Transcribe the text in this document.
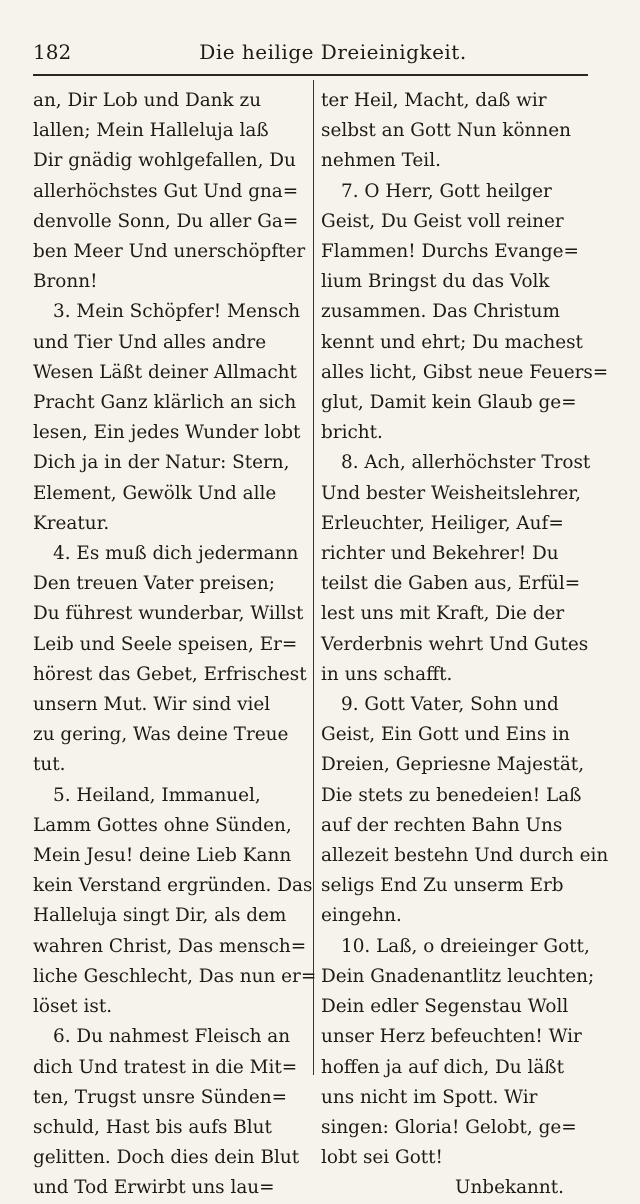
182	Die heilige Dreieinigkeit.
an, Dir Lob und Dank zu
lallen; Mein Halleluja laß
Dir gnädig wohlgefallen, Du
allerhöchstes Gut Und gna=
denvolle Sonn, Du aller Ga=
ben Meer Und unerschöpfter
Bronn!
3. Mein Schöpfer! Mensch
und Tier Und alles andre
Wesen Läßt deiner Allmacht
Pracht Ganz klärlich an sich
lesen, Ein jedes Wunder lobt
Dich ja in der Natur: Stern,
Element, Gewölk Und alle
Kreatur.
4. Es muß dich jedermann
Den treuen Vater preisen;
Du führest wunderbar, Willst
Leib und Seele speisen, Er=
hörest das Gebet, Erfrischest
unsern Mut. Wir sind viel
zu gering, Was deine Treue
tut.
5. Heiland, Immanuel,
Lamm Gottes ohne Sünden,
Mein Jesu! deine Lieb Kann
kein Verstand ergründen. Das
Halleluja singt Dir, als dem
wahren Christ, Das mensch=
liche Geschlecht, Das nun er=
löset ist.
6. Du nahmest Fleisch an
dich Und tratest in die Mit=
ten, Trugst unsre Sünden=
schuld, Hast bis aufs Blut
gelitten. Doch dies dein Blut
und Tod Erwirbt uns lau=
ter Heil, Macht, daß wir
selbst an Gott Nun können
nehmen Teil.
7. O Herr, Gott heilger
Geist, Du Geist voll reiner
Flammen! Durchs Evange=
lium Bringst du das Volk
zusammen. Das Christum
kennt und ehrt; Du machest
alles licht, Gibst neue Feuers=
glut, Damit kein Glaub ge=
bricht.
8. Ach, allerhöchster Trost
Und bester Weisheitslehrer,
Erleuchter, Heiliger, Auf=
richter und Bekehrer! Du
teilst die Gaben aus, Erfül=
lest uns mit Kraft, Die der
Verderbnis wehrt Und Gutes
in uns schafft.
9. Gott Vater, Sohn und
Geist, Ein Gott und Eins in
Dreien, Gepriesne Majestät,
Die stets zu benedeien! Laß
auf der rechten Bahn Uns
allezeit bestehn Und durch ein
seligs End Zu unserm Erb
eingehn.
10. Laß, o dreieinger Gott,
Dein Gnadenantlitz leuchten;
Dein edler Segenstau Woll
unser Herz befeuchten! Wir
hoffen ja auf dich, Du läßt
uns nicht im Spott. Wir
singen: Gloria! Gelobt, ge=
lobt sei Gott!
Unbekannt.
